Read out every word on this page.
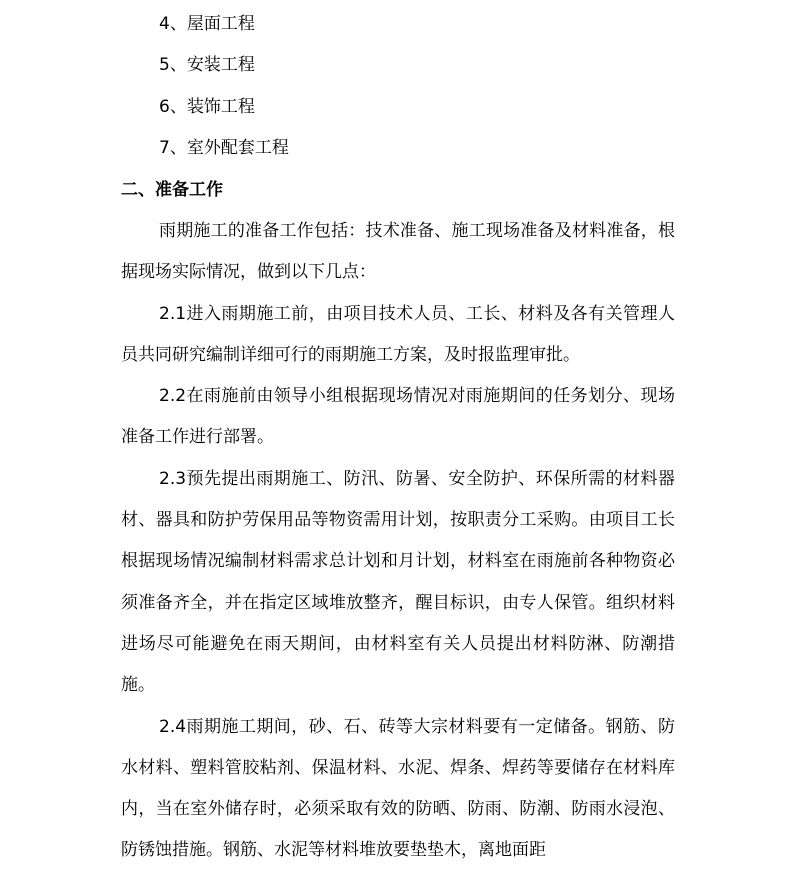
4、屋面工程
5、安装工程
6、装饰工程
7、室外配套工程
二、准备工作

雨期施工的准备工作包括：技术准备、施工现场准备及材料准备，根据现场实际情况，做到以下几点：

2.1进入雨期施工前，由项目技术人员、工长、材料及各有关管理人员共同研究编制详细可行的雨期施工方案，及时报监理审批。

2.2在雨施前由领导小组根据现场情况对雨施期间的任务划分、现场准备工作进行部署。

2.3预先提出雨期施工、防汛、防暑、安全防护、环保所需的材料器材、器具和防护劳保用品等物资需用计划，按职责分工采购。由项目工长根据现场情况编制材料需求总计划和月计划，材料室在雨施前各种物资必须准备齐全，并在指定区域堆放整齐，醒目标识，由专人保管。组织材料进场尽可能避免在雨天期间，由材料室有关人员提出材料防淋、防潮措施。

2.4雨期施工期间，砂、石、砖等大宗材料要有一定储备。钢筋、防水材料、塑料管胶粘剂、保温材料、水泥、焊条、焊药等要储存在材料库内，当在室外储存时，必须采取有效的防晒、防雨、防潮、防雨水浸泡、防锈蚀措施。钢筋、水泥等材料堆放要垫垫木，离地面距
